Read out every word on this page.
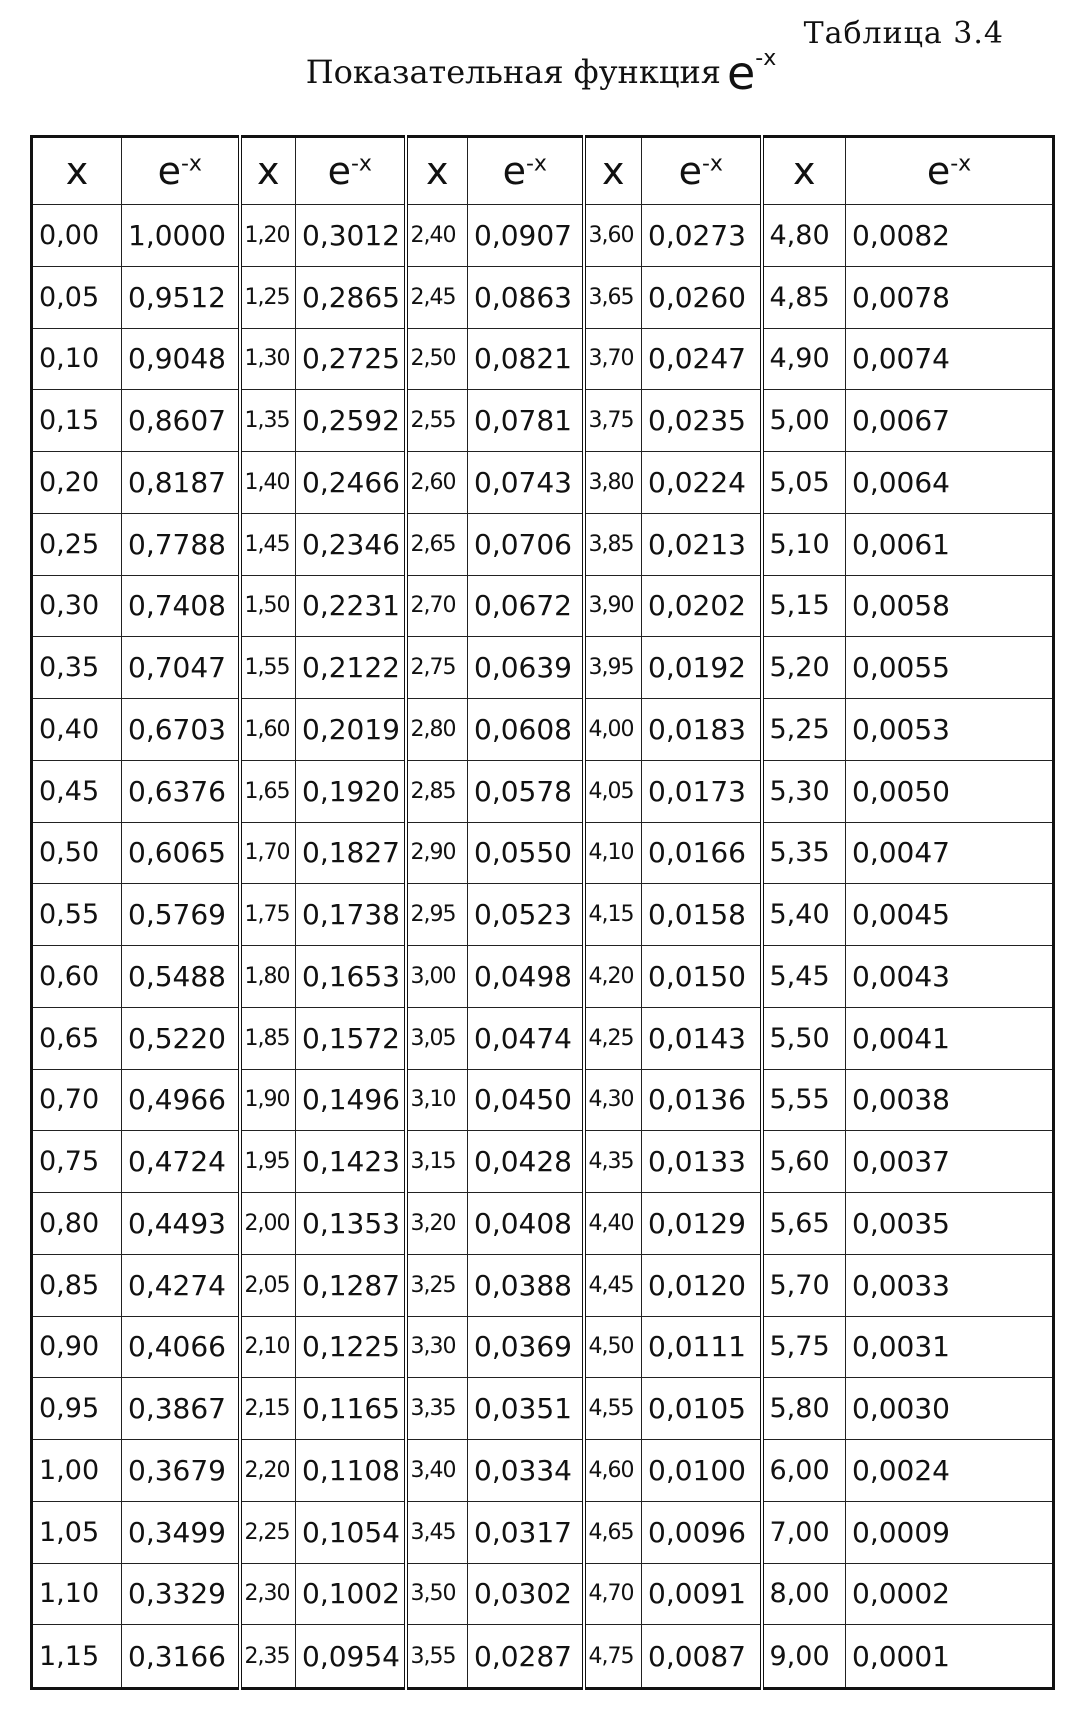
Таблица 3.4
Показательная функция $e^{-x}$
x	$e^{-x}$	x	$e^{-x}$	x	$e^{-x}$	x	$e^{-x}$	x	$e^{-x}$
0,00	1,0000	1,20	0,3012	2,40	0,0907	3,60	0,0273	4,80	0,0082
0,05	0,9512	1,25	0,2865	2,45	0,0863	3,65	0,0260	4,85	0,0078
0,10	0,9048	1,30	0,2725	2,50	0,0821	3,70	0,0247	4,90	0,0074
0,15	0,8607	1,35	0,2592	2,55	0,0781	3,75	0,0235	5,00	0,0067
0,20	0,8187	1,40	0,2466	2,60	0,0743	3,80	0,0224	5,05	0,0064
0,25	0,7788	1,45	0,2346	2,65	0,0706	3,85	0,0213	5,10	0,0061
0,30	0,7408	1,50	0,2231	2,70	0,0672	3,90	0,0202	5,15	0,0058
0,35	0,7047	1,55	0,2122	2,75	0,0639	3,95	0,0192	5,20	0,0055
0,40	0,6703	1,60	0,2019	2,80	0,0608	4,00	0,0183	5,25	0,0053
0,45	0,6376	1,65	0,1920	2,85	0,0578	4,05	0,0173	5,30	0,0050
0,50	0,6065	1,70	0,1827	2,90	0,0550	4,10	0,0166	5,35	0,0047
0,55	0,5769	1,75	0,1738	2,95	0,0523	4,15	0,0158	5,40	0,0045
0,60	0,5488	1,80	0,1653	3,00	0,0498	4,20	0,0150	5,45	0,0043
0,65	0,5220	1,85	0,1572	3,05	0,0474	4,25	0,0143	5,50	0,0041
0,70	0,4966	1,90	0,1496	3,10	0,0450	4,30	0,0136	5,55	0,0038
0,75	0,4724	1,95	0,1423	3,15	0,0428	4,35	0,0133	5,60	0,0037
0,80	0,4493	2,00	0,1353	3,20	0,0408	4,40	0,0129	5,65	0,0035
0,85	0,4274	2,05	0,1287	3,25	0,0388	4,45	0,0120	5,70	0,0033
0,90	0,4066	2,10	0,1225	3,30	0,0369	4,50	0,0111	5,75	0,0031
0,95	0,3867	2,15	0,1165	3,35	0,0351	4,55	0,0105	5,80	0,0030
1,00	0,3679	2,20	0,1108	3,40	0,0334	4,60	0,0100	6,00	0,0024
1,05	0,3499	2,25	0,1054	3,45	0,0317	4,65	0,0096	7,00	0,0009
1,10	0,3329	2,30	0,1002	3,50	0,0302	4,70	0,0091	8,00	0,0002
1,15	0,3166	2,35	0,0954	3,55	0,0287	4,75	0,0087	9,00	0,0001
